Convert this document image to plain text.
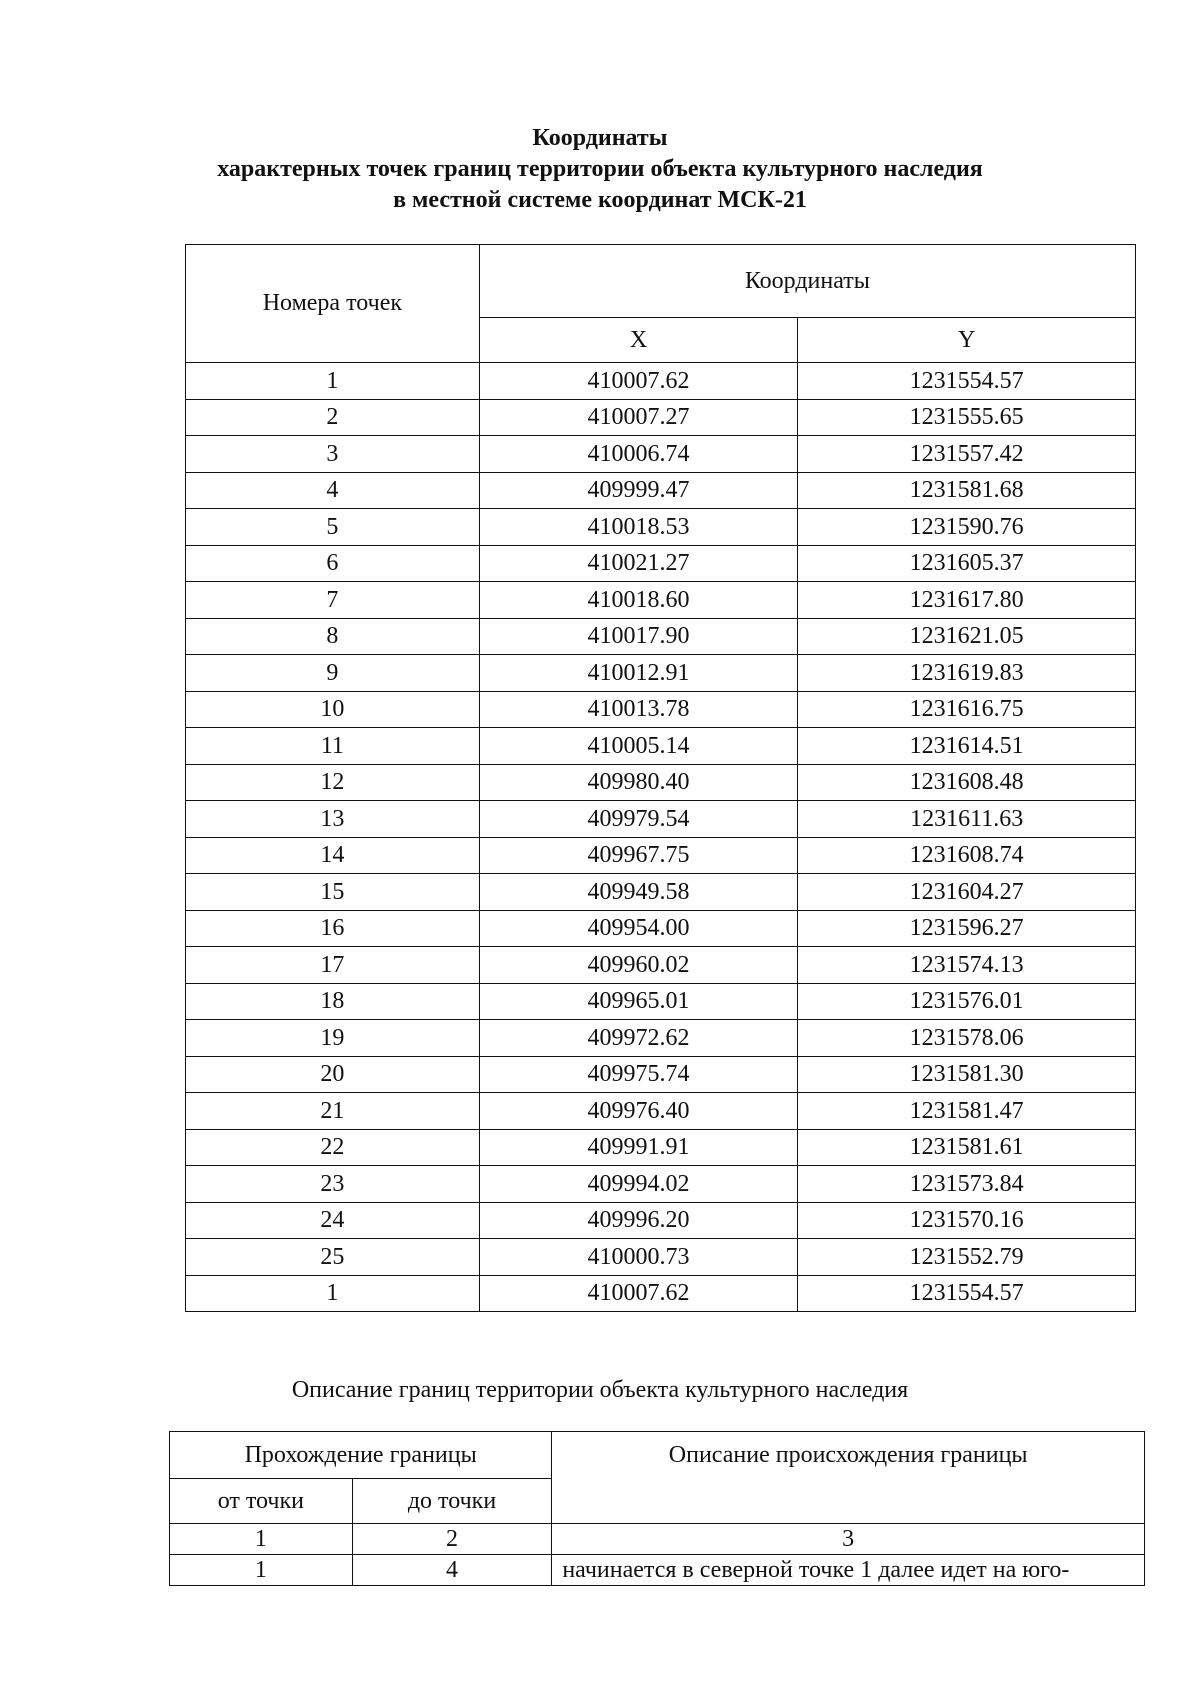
Координаты
характерных точек границ территории объекта культурного наследия
в местной системе координат МСК-21
Номера точек	Координаты	
	X	Y
1	410007.62	1231554.57
2	410007.27	1231555.65
3	410006.74	1231557.42
4	409999.47	1231581.68
5	410018.53	1231590.76
6	410021.27	1231605.37
7	410018.60	1231617.80
8	410017.90	1231621.05
9	410012.91	1231619.83
10	410013.78	1231616.75
11	410005.14	1231614.51
12	409980.40	1231608.48
13	409979.54	1231611.63
14	409967.75	1231608.74
15	409949.58	1231604.27
16	409954.00	1231596.27
17	409960.02	1231574.13
18	409965.01	1231576.01
19	409972.62	1231578.06
20	409975.74	1231581.30
21	409976.40	1231581.47
22	409991.91	1231581.61
23	409994.02	1231573.84
24	409996.20	1231570.16
25	410000.73	1231552.79
1	410007.62	1231554.57
Описание границ территории объекта культурного наследия
Прохождение границы		Описание происхождения границы
от точки	до точки	
1	2	3
1	4	начинается в северной точке 1 далее идет на юго-
